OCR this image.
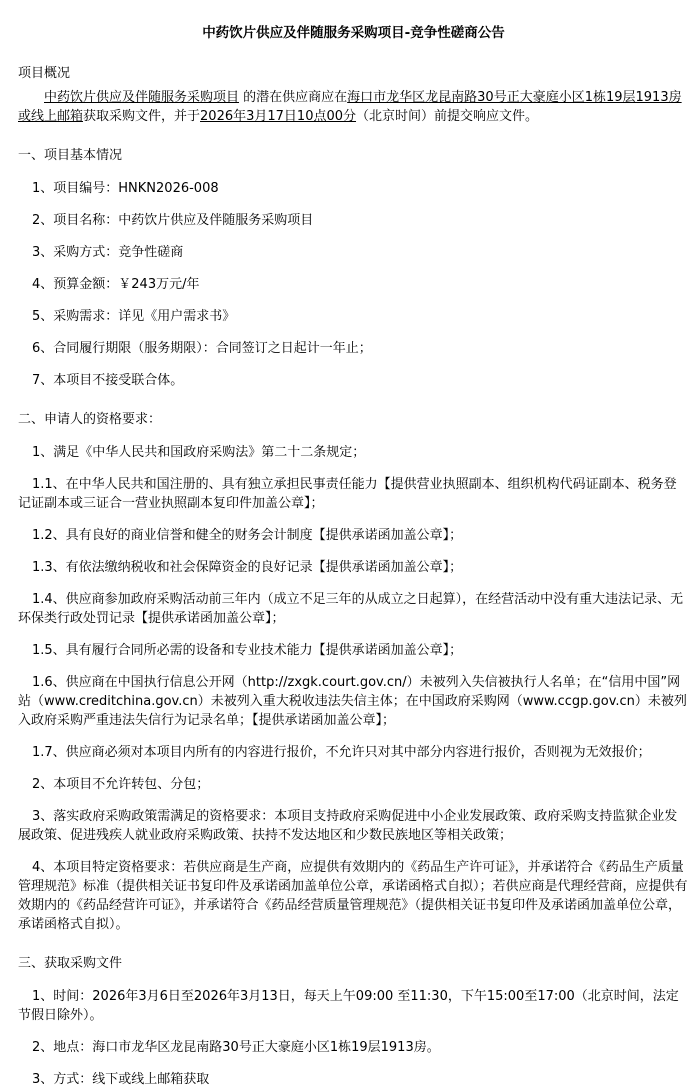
中药饮片供应及伴随服务采购项目-竞争性磋商公告
项目概况

中药饮片供应及伴随服务采购项目 的潜在供应商应在海口市龙华区龙昆南路30号正大豪庭小区1栋19层1913房或线上邮箱获取采购文件，并于2026年3月17日10点00分（北京时间）前提交响应文件。

一、项目基本情况

1、项目编号：HNKN2026-008

2、项目名称：中药饮片供应及伴随服务采购项目

3、采购方式：竞争性磋商

4、预算金额：￥243万元/年

5、采购需求：详见《用户需求书》

6、合同履行期限（服务期限）：合同签订之日起计一年止；

7、本项目不接受联合体。

二、申请人的资格要求：

1、满足《中华人民共和国政府采购法》第二十二条规定；

1.1、在中华人民共和国注册的、具有独立承担民事责任能力【提供营业执照副本、组织机构代码证副本、税务登记证副本或三证合一营业执照副本复印件加盖公章】；

1.2、具有良好的商业信誉和健全的财务会计制度【提供承诺函加盖公章】；

1.3、有依法缴纳税收和社会保障资金的良好记录【提供承诺函加盖公章】；

1.4、供应商参加政府采购活动前三年内（成立不足三年的从成立之日起算），在经营活动中没有重大违法记录、无环保类行政处罚记录【提供承诺函加盖公章】；

1.5、具有履行合同所必需的设备和专业技术能力【提供承诺函加盖公章】；

1.6、供应商在中国执行信息公开网（http://zxgk.court.gov.cn/）未被列入失信被执行人名单；在“信用中国”网站（www.creditchina.gov.cn）未被列入重大税收违法失信主体；在中国政府采购网（www.ccgp.gov.cn）未被列入政府采购严重违法失信行为记录名单；【提供承诺函加盖公章】；

1.7、供应商必须对本项目内所有的内容进行报价，不允许只对其中部分内容进行报价，否则视为无效报价；

2、本项目不允许转包、分包；

3、落实政府采购政策需满足的资格要求：本项目支持政府采购促进中小企业发展政策、政府采购支持监狱企业发展政策、促进残疾人就业政府采购政策、扶持不发达地区和少数民族地区等相关政策；

4、本项目特定资格要求：若供应商是生产商，应提供有效期内的《药品生产许可证》，并承诺符合《药品生产质量管理规范》标准（提供相关证书复印件及承诺函加盖单位公章，承诺函格式自拟）；若供应商是代理经营商，应提供有效期内的《药品经营许可证》，并承诺符合《药品经营质量管理规范》（提供相关证书复印件及承诺函加盖单位公章，承诺函格式自拟）。

三、获取采购文件

1、时间：2026年3月6日至2026年3月13日，每天上午09:00 至11:30，下午15:00至17:00（北京时间，法定节假日除外）。

2、地点：海口市龙华区龙昆南路30号正大豪庭小区1栋19层1913房。

3、方式：线下或线上邮箱获取
